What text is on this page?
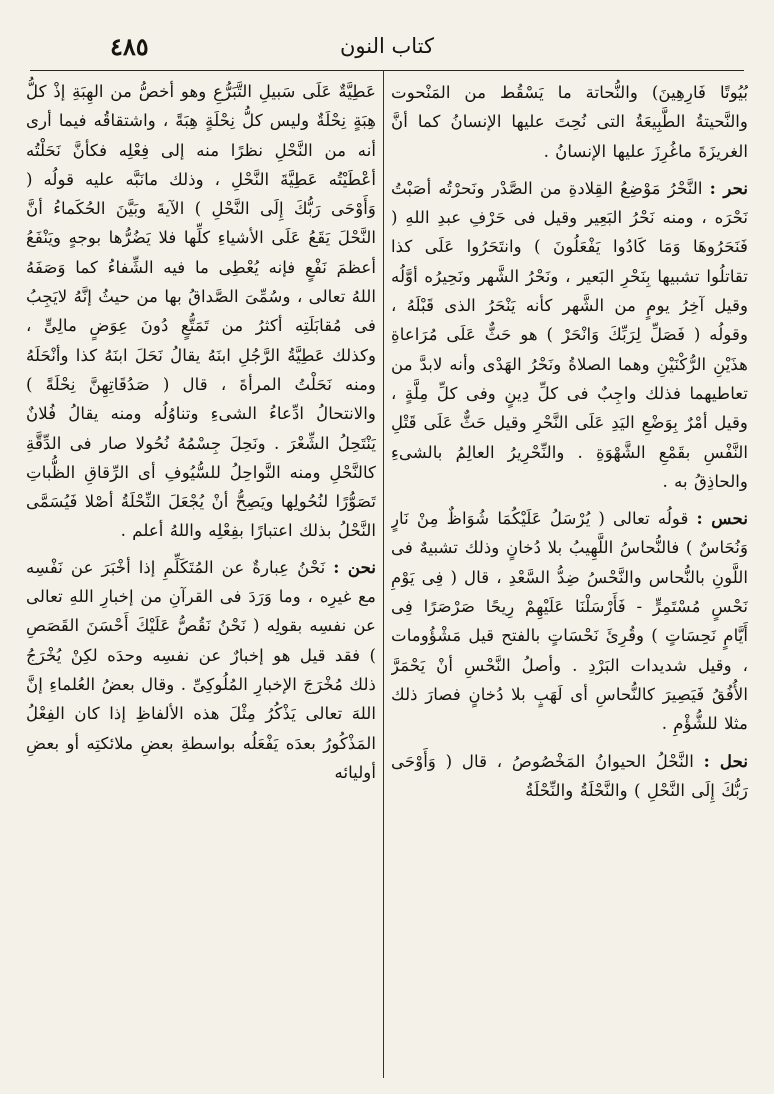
٤٨٥	كتاب النون

بُيُوتًا فَارِهِينَ) والنُّحاتة ما يَسْقُط من المَنْحوت والنَّحيتةُ الطَّبِيعَةُ التى نُحِتَ عليها الإنسانُ كما أنَّ الغريزَةَ ماغُرِزَ عليها الإنسانُ .

نحر : النَّحْرُ مَوْضِعُ القِلادةِ من الصَّدْر ونَحرْتُه أصَبْتُ نَحْرَه ، ومنه نَحْرُ البَعِير وقيل فى حَرْفِ عبدِ اللهِ ( فَنَحَرُوهَا وَمَا كَادُوا يَفْعَلُونَ ) وانتَحَرُوا عَلَى كذا تقاتلُوا تشبيها بِنَحْرِ البَعير ، ونَحْرُ الشَّهر ونَحِيرُه أوَّلُه وقيل آخِرُ يومٍ من الشَّهر كأنه يَنْحَرُ الذى قَبْلَهُ ، وقولُه ( فَصَلِّ لِرَبِّكَ وَانْحَرْ ) هو حَثٌّ عَلَى مُرَاعاةِ هذَيْنِ الرُّكْنَيْنِ وهما الصلاةُ ونَحْرُ الهَدْى وأنه لابدَّ من تعاطيهما فذلك واجِبٌ فى كلِّ دِينٍ وفى كلِّ مِلَّةٍ ، وقيل أمْرٌ بِوَضْعِ اليَدِ عَلَى النَّحْرِ وقيل حَثٌّ عَلَى قَتْلِ النَّفْسِ بقَمْعِ الشَّهْوَةِ . والنِّحْرِيرُ العالِمُ بالشىءِ والحاذِقُ به .

نحس : قولُه تعالى ( يُرْسَلُ عَلَيْكُمَا شُوَاظٌ مِنْ نَارٍ وَنُحَاسٌ ) فالنُّحاسُ اللَّهِيبُ بلا دُخانٍ وذلك تشبيهٌ فى اللَّونِ بالنُّحاس والنَّحْسُ ضِدُّ السَّعْدِ ، قال ( فِى يَوْمِ نَحْسٍ مُسْتَمِرٍّ - فَأَرْسَلْنَا عَلَيْهِمْ رِيحًا صَرْصَرًا فِى أَيَّامٍ نَحِسَاتٍ ) وقُرِئَ نَحْسَاتٍ بالفتح قيل مَشْؤُومات ، وقيل شديدات البَرْدِ . وأصلُ النَّحْسِ أنْ يَحْمَرَّ الأُفُقُ فَيَصِيرَ كالنُّحاسِ أى لَهَبٍ بلا دُخانٍ فصارَ ذلك مثلا للشُّؤْمِ .

نحل : النَّحْلُ الحيوانُ المَخْصُوصُ ، قال ( وَأَوْحَى رَبُّكَ إِلَى النَّحْلِ ) والنَّحْلَةُ والنِّحْلَةُ

عَطِيَّةٌ عَلَى سَبيلِ التَّبَرُّعِ وهو أخصُّ من الهِبَةِ إذْ كلُّ هِبَةٍ نِحْلَةٌ وليس كلُّ نِحْلَةٍ هِبَةً ، واشتقاقُه فيما أرى أنه من النَّحْلِ نظرًا منه إلى فِعْلِه فكأنَّ نَحَلْتُه أعْطَيْتُه عَطِيَّةَ النَّحْلِ ، وذلك مانَبَّه عليه قولُه ( وَأَوْحَى رَبُّكَ إِلَى النَّحْلِ ) الآيةَ وبَيَّنَ الحُكَماءُ أنَّ النَّحْلَ يَقَعُ عَلَى الأشياءِ كلِّها فلا يَضُرُّها بوجهٍ ويَنْفَعُ أعظمَ نَفْعٍ فإنه يُعْطِى ما فيه الشِّفاءُ كما وَصَفَهُ اللهُ تعالى ، وسُمِّىَ الصَّداقُ بها من حيثُ إنَّهُ لايَجِبُ فى مُقابَلَتِه أكثرُ من تَمَتُّعٍ دُونَ عِوَضٍ مالِىٍّ ، وكذلك عَطِيَّةُ الرَّجُلِ ابنَهُ يقالُ نَحَلَ ابنَهُ كذا وأنْحَلَهُ ومنه نَحَلْتُ المرأةَ ، قال ( صَدُقَاتِهِنَّ نِحْلَةً ) والانتحالُ ادِّعاءُ الشىءِ وتناوُلُه ومنه يقالُ فُلانٌ يَنْتَحِلُ الشِّعْرَ . ونَحِلَ جِسْمُهُ نُحُولا صار فى الدِّقَّةِ كالنَّحْلِ ومنه النَّواحِلُ للسُّيُوفِ أى الرِّقاقِ الظُّباتِ تَصَوُّرًا لنُحُولِها ويَصِحُّ أنْ يُجْعَلَ النِّحْلَةُ أصْلا فَيُسَمَّى النَّحْلُ بذلك اعتبارًا بفِعْلِه واللهُ أعلم .

نحن : نَحْنُ عِبارةٌ عن المُتَكَلِّمِ إذا أخْبَرَ عن نَفْسِه مع غيرِه ، وما وَرَدَ فى القرآنِ من إخبارِ اللهِ تعالى عن نفسِه بقولِه ( نَحْنُ نَقُصُّ عَلَيْكَ أَحْسَنَ القَصَصِ ) فقد قيل هو إخبارٌ عن نفسِه وحدَه لكِنْ يُخْرَجُ ذلك مُخْرَجَ الإخبارِ المُلُوكِىِّ . وقال بعضُ العُلماءِ إنَّ اللهَ تعالى يَذْكُرُ مِثْلَ هذه الألفاظِ إذا كان الفِعْلُ المَذْكُورُ بعدَه يَفْعَلُه بواسطةِ بعضِ ملائكتِه أو بعضِ أوليائه
